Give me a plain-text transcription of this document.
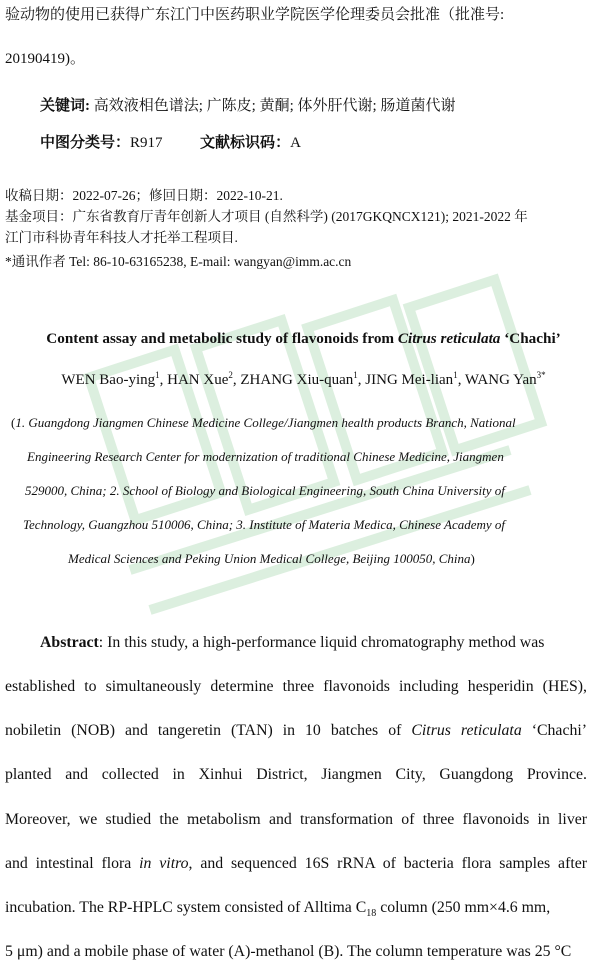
验动物的使用已获得广东江门中医药职业学院医学伦理委员会批准（批准号:
20190419)。
关键词: 高效液相色谱法; 广陈皮; 黄酮; 体外肝代谢; 肠道菌代谢
中图分类号：R917	文献标识码：A
收稿日期：2022-07-26；修回日期：2022-10-21.
基金项目：广东省教育厅青年创新人才项目 (自然科学) (2017GKQNCX121); 2021-2022 年
江门市科协青年科技人才托举工程项目.
*通讯作者 Tel: 86-10-63165238, E-mail: wangyan@imm.ac.cn
Content assay and metabolic study of flavonoids from Citrus reticulata ‘Chachi’
WEN Bao-ying$^1$, HAN Xue$^2$, ZHANG Xiu-quan$^1$, JING Mei-lian$^1$, WANG Yan$^{3*}$
(1. Guangdong Jiangmen Chinese Medicine College/Jiangmen health products Branch, National
Engineering Research Center for modernization of traditional Chinese Medicine, Jiangmen
529000, China; 2. School of Biology and Biological Engineering, South China University of
Technology, Guangzhou 510006, China; 3. Institute of Materia Medica, Chinese Academy of
Medical Sciences and Peking Union Medical College, Beijing 100050, China)
Abstract: In this study, a high-performance liquid chromatography method was
established to simultaneously determine three flavonoids including hesperidin (HES),
nobiletin (NOB) and tangeretin (TAN) in 10 batches of Citrus reticulata ‘Chachi’
planted and collected in Xinhui District, Jiangmen City, Guangdong Province.
Moreover, we studied the metabolism and transformation of three flavonoids in liver
and intestinal flora in vitro, and sequenced 16S rRNA of bacteria flora samples after
incubation. The RP-HPLC system consisted of Alltima $C_{18}$ column (250 mm×4.6 mm,
5 μm) and a mobile phase of water (A)-methanol (B). The column temperature was 25 °C
